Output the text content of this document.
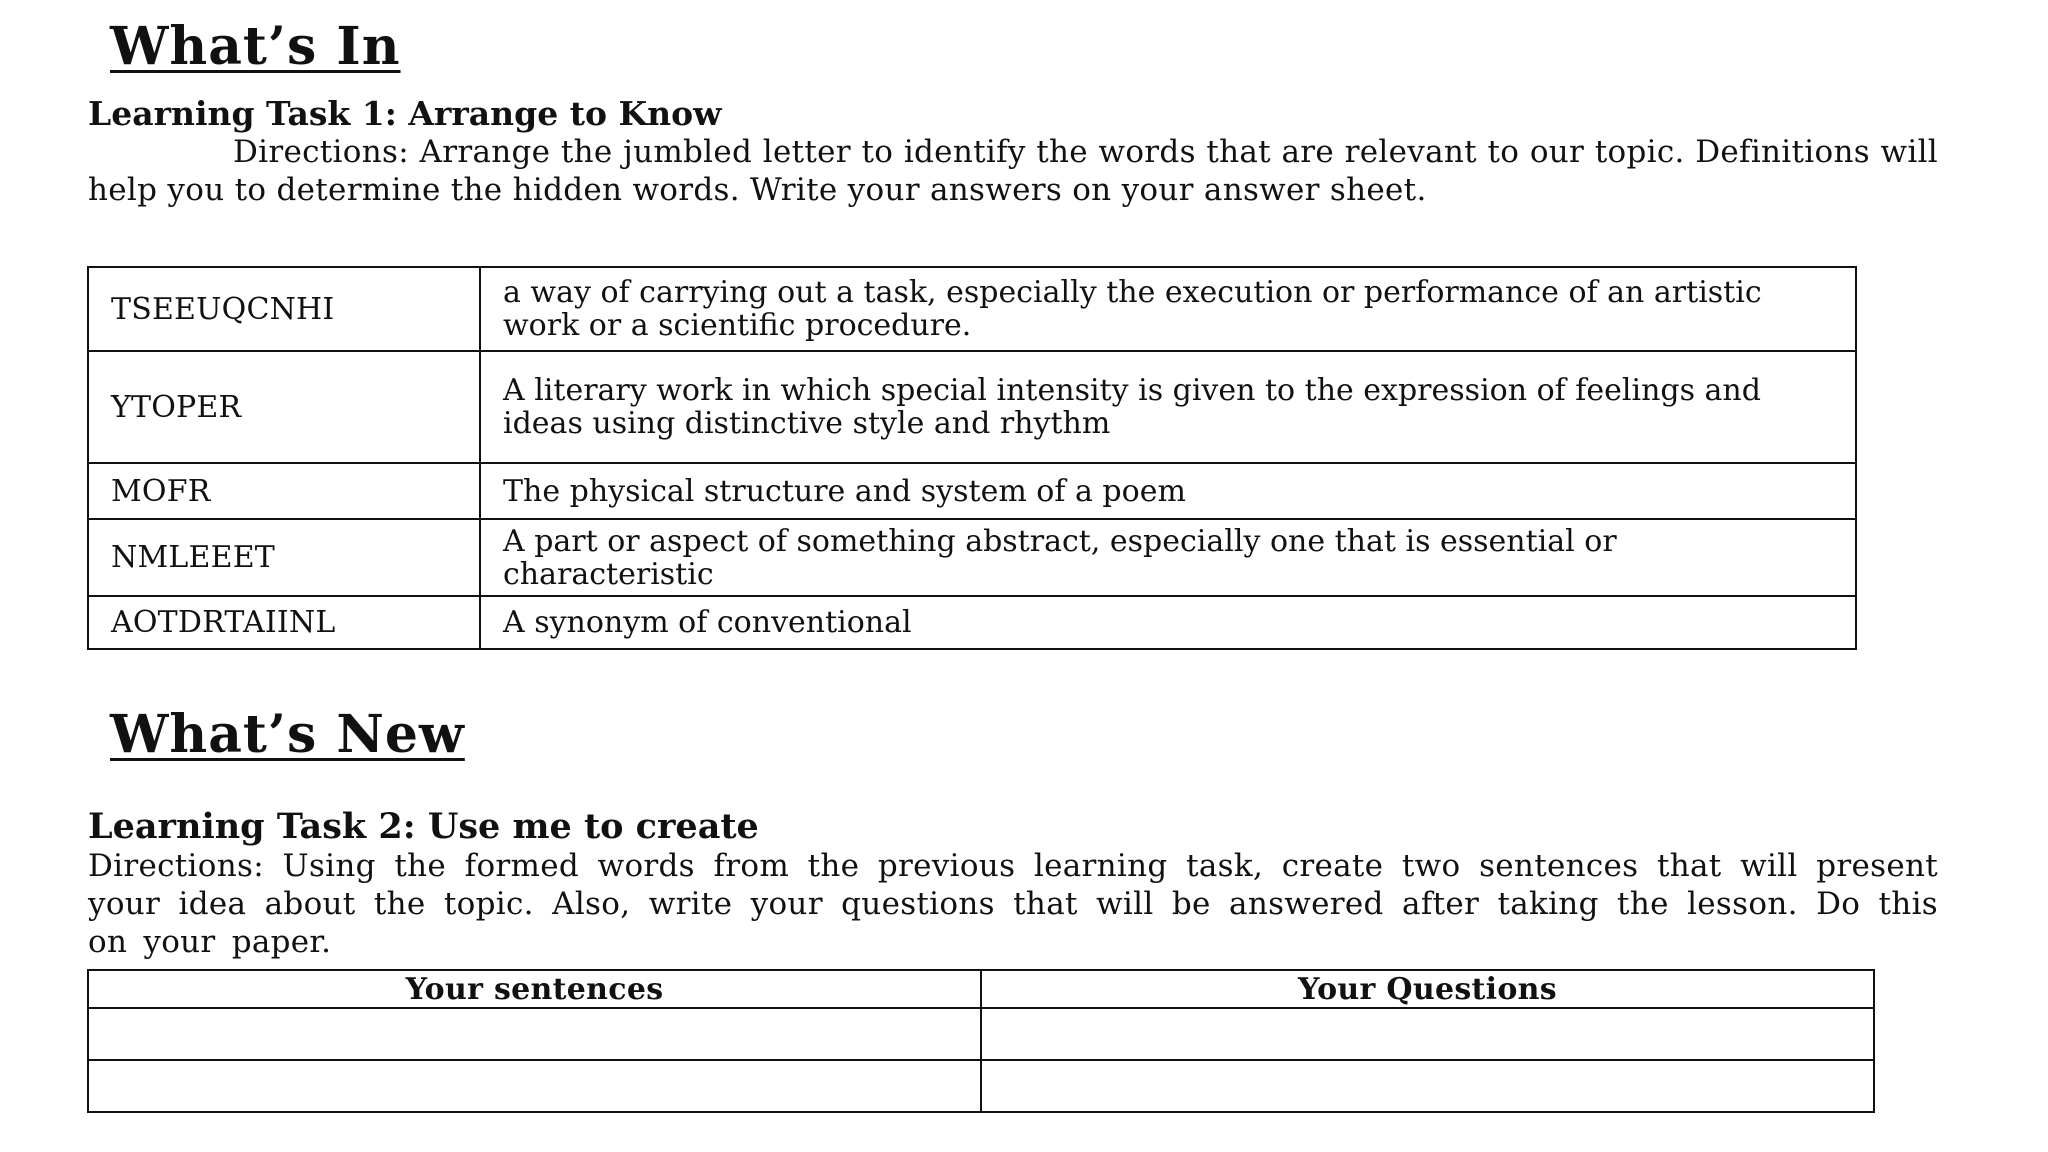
What’s In
Learning Task 1: Arrange to Know

Directions: Arrange the jumbled letter to identify the words that are relevant to our topic. Definitions will help you to determine the hidden words. Write your answers on your answer sheet.

TSEEUQCNHI	a way of carrying out a task, especially the execution or performance of an artistic work or a scientific procedure.
YTOPER	A literary work in which special intensity is given to the expression of feelings and ideas using distinctive style and rhythm
MOFR	The physical structure and system of a poem
NMLEEET	A part or aspect of something abstract, especially one that is essential or characteristic
AOTDRTAIINL	A synonym of conventional
What’s New
Learning Task 2: Use me to create

Directions: Using the formed words from the previous learning task, create two sentences that will present your idea about the topic. Also, write your questions that will be answered after taking the lesson. Do this on your paper.

Your sentences	Your Questions
